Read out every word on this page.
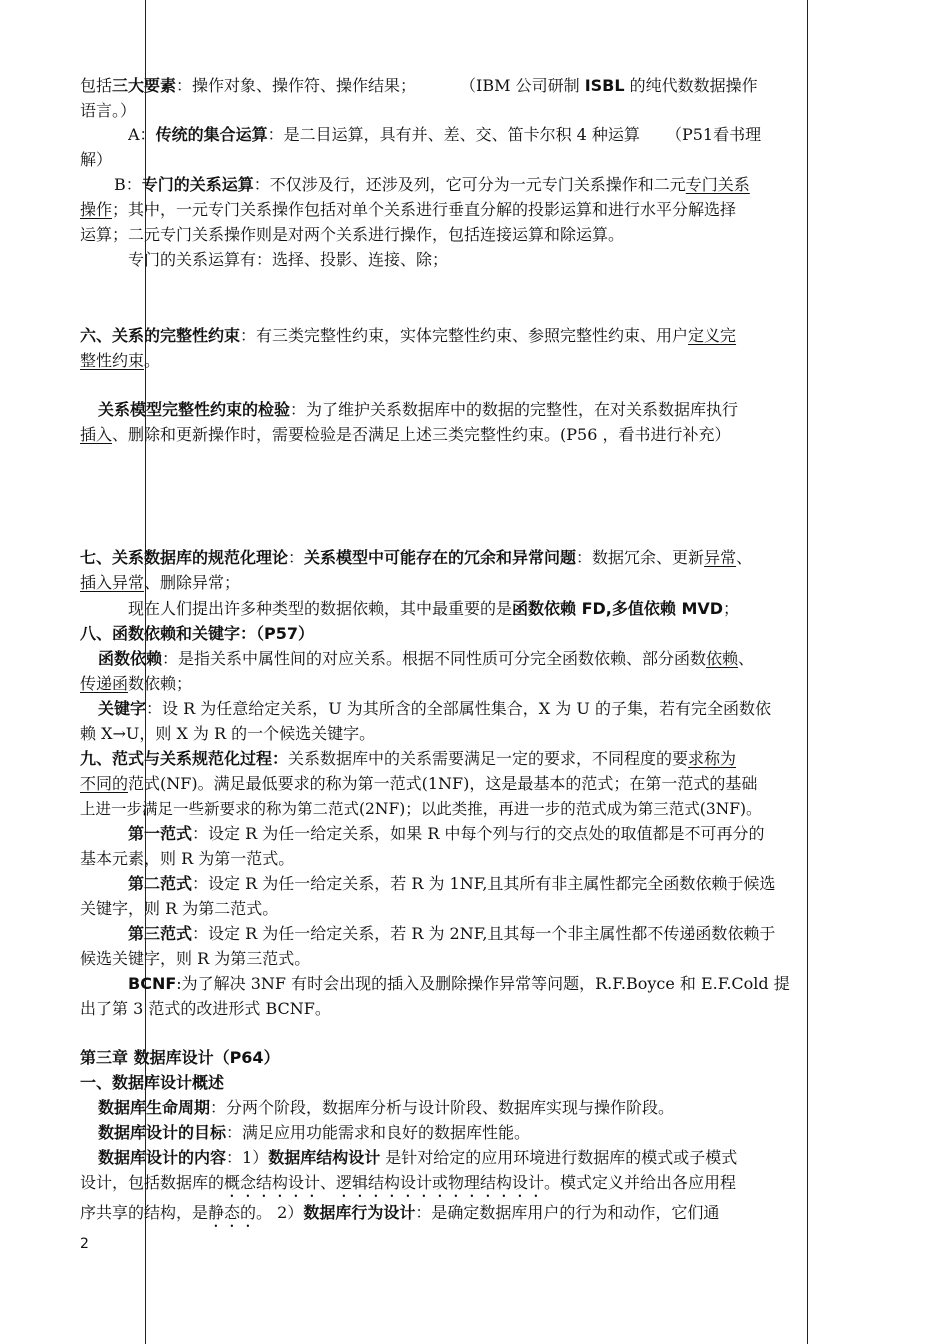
包括三大要素：操作对象、操作符、操作结果；	（IBM 公司研制 ISBL 的纯代数数据操作
语言。）
A：传统的集合运算：是二目运算，具有并、差、交、笛卡尔积 4 种运算 （P51看书理
解）
B：专门的关系运算：不仅涉及行，还涉及列，它可分为一元专门关系操作和二元专门关系
操作；其中，一元专门关系操作包括对单个关系进行垂直分解的投影运算和进行水平分解选择
运算；二元专门关系操作则是对两个关系进行操作，包括连接运算和除运算。
专门的关系运算有：选择、投影、连接、除；
六、关系的完整性约束：有三类完整性约束，实体完整性约束、参照完整性约束、用户定义完
整性约束。
关系模型完整性约束的检验：为了维护关系数据库中的数据的完整性，在对关系数据库执行
插入、删除和更新操作时，需要检验是否满足上述三类完整性约束。(P56 ，看书进行补充）
七、关系数据库的规范化理论：关系模型中可能存在的冗余和异常问题：数据冗余、更新异常、
插入异常、删除异常；
现在人们提出许多种类型的数据依赖，其中最重要的是函数依赖 FD,多值依赖 MVD；
八、函数依赖和关键字：（P57）
函数依赖：是指关系中属性间的对应关系。根据不同性质可分完全函数依赖、部分函数依赖、
传递函数依赖；
关键字：设 R 为任意给定关系，U 为其所含的全部属性集合，X 为 U 的子集，若有完全函数依
赖 X→U，则 X 为 R 的一个候选关键字。
九、范式与关系规范化过程：关系数据库中的关系需要满足一定的要求，不同程度的要求称为
不同的范式(NF)。满足最低要求的称为第一范式(1NF)，这是最基本的范式；在第一范式的基础
上进一步满足一些新要求的称为第二范式(2NF)；以此类推，再进一步的范式成为第三范式(3NF)。
第一范式：设定 R 为任一给定关系，如果 R 中每个列与行的交点处的取值都是不可再分的
基本元素，则 R 为第一范式。
第二范式：设定 R 为任一给定关系，若 R 为 1NF,且其所有非主属性都完全函数依赖于候选
关键字，则 R 为第二范式。
第三范式：设定 R 为任一给定关系，若 R 为 2NF,且其每一个非主属性都不传递函数依赖于
候选关键字，则 R 为第三范式。
BCNF:为了解决 3NF 有时会出现的插入及删除操作异常等问题，R.F.Boyce 和 E.F.Cold 提
出了第 3 范式的改进形式 BCNF。
第三章 数据库设计（P64）
一、数据库设计概述
数据库生命周期：分两个阶段，数据库分析与设计阶段、数据库实现与操作阶段。
数据库设计的目标：满足应用功能需求和良好的数据库性能。
数据库设计的内容：1）数据库结构设计 是针对给定的应用环境进行数据库的模式或子模式
设计，包括数据库的概念结构设计、逻辑结构设计或物理结构设计。模式定义并给出各应用程
序共享的结构，是静态的。 2）数据库行为设计：是确定数据库用户的行为和动作，它们通
2
